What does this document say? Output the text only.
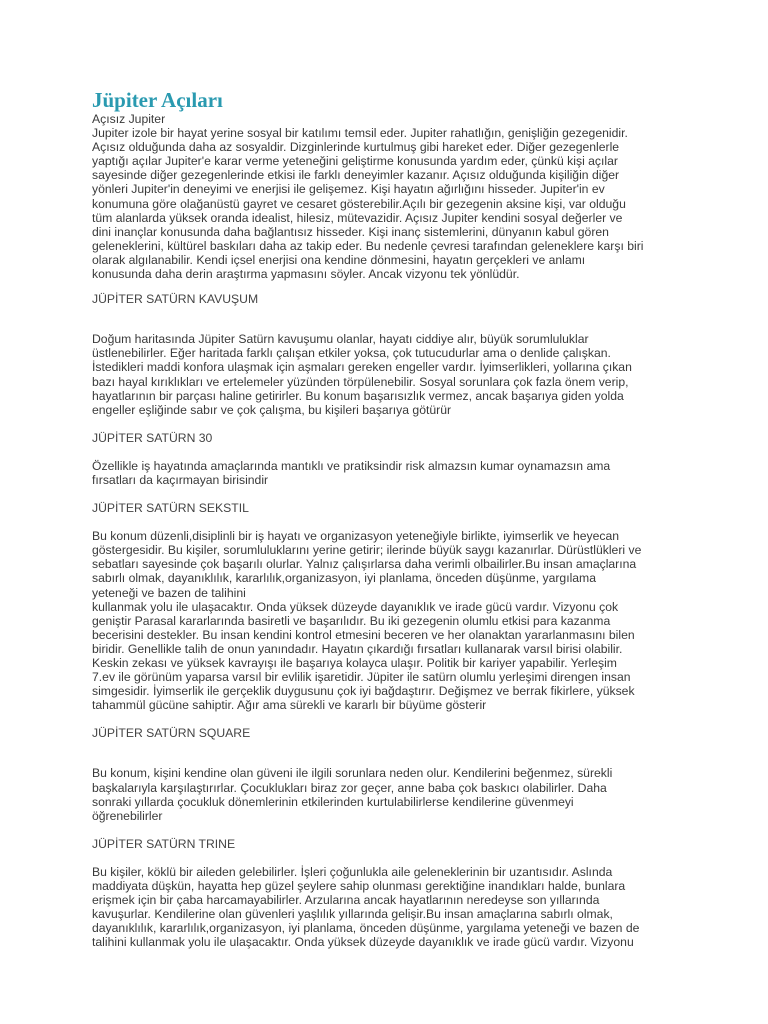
Jüpiter Açıları
Açısız Jupiter
Jupiter izole bir hayat yerine sosyal bir katılımı temsil eder. Jupiter rahatlığın, genişliğin gezegenidir.
Açısız olduğunda daha az sosyaldir. Dizginlerinde kurtulmuş gibi hareket eder. Diğer gezegenlerle
yaptığı açılar Jupiter'e karar verme yeteneğini geliştirme konusunda yardım eder, çünkü kişi açılar
sayesinde diğer gezegenlerinde etkisi ile farklı deneyimler kazanır. Açısız olduğunda kişiliğin diğer
yönleri Jupiter'in deneyimi ve enerjisi ile gelişemez. Kişi hayatın ağırlığını hisseder. Jupiter'in ev
konumuna göre olağanüstü gayret ve cesaret gösterebilir.Açılı bir gezegenin aksine kişi, var olduğu
tüm alanlarda yüksek oranda idealist, hilesiz, mütevazidir. Açısız Jupiter kendini sosyal değerler ve
dini inançlar konusunda daha bağlantısız hisseder. Kişi inanç sistemlerini, dünyanın kabul gören
geleneklerini, kültürel baskıları daha az takip eder. Bu nedenle çevresi tarafından geleneklere karşı biri
olarak algılanabilir. Kendi içsel enerjisi ona kendine dönmesini, hayatın gerçekleri ve anlamı
konusunda daha derin araştırma yapmasını söyler. Ancak vizyonu tek yönlüdür.
JÜPİTER SATÜRN KAVUŞUM
Doğum haritasında Jüpiter Satürn kavuşumu olanlar, hayatı ciddiye alır, büyük sorumluluklar
üstlenebilirler. Eğer haritada farklı çalışan etkiler yoksa, çok tutucudurlar ama o denlide çalışkan.
İstedikleri maddi konfora ulaşmak için aşmaları gereken engeller vardır. İyimserlikleri, yollarına çıkan
bazı hayal kırıklıkları ve ertelemeler yüzünden törpülenebilir. Sosyal sorunlara çok fazla önem verip,
hayatlarının bir parçası haline getirirler. Bu konum başarısızlık vermez, ancak başarıya giden yolda
engeller eşliğinde sabır ve çok çalışma, bu kişileri başarıya götürür
JÜPİTER SATÜRN 30
Özellikle iş hayatında amaçlarında mantıklı ve pratiksindir risk almazsın kumar oynamazsın ama
fırsatları da kaçırmayan birisindir
JÜPİTER SATÜRN SEKSTIL
Bu konum düzenli,disiplinli bir iş hayatı ve organizasyon yeteneğiyle birlikte, iyimserlik ve heyecan
göstergesidir. Bu kişiler, sorumluluklarını yerine getirir; ilerinde büyük saygı kazanırlar. Dürüstlükleri ve
sebatları sayesinde çok başarılı olurlar. Yalnız çalışırlarsa daha verimli olbailirler.Bu insan amaçlarına
sabırlı olmak, dayanıklılık, kararlılık,organizasyon, iyi planlama, önceden düşünme, yargılama
yeteneği ve bazen de talihini
kullanmak yolu ile ulaşacaktır. Onda yüksek düzeyde dayanıklık ve irade gücü vardır. Vizyonu çok
geniştir Parasal kararlarında basiretli ve başarılıdır. Bu iki gezegenin olumlu etkisi para kazanma
becerisini destekler. Bu insan kendini kontrol etmesini beceren ve her olanaktan yararlanmasını bilen
biridir. Genellikle talih de onun yanındadır. Hayatın çıkardığı fırsatları kullanarak varsıl birisi olabilir.
Keskin zekası ve yüksek kavrayışı ile başarıya kolayca ulaşır. Politik bir kariyer yapabilir. Yerleşim
7.ev ile görünüm yaparsa varsıl bir evlilik işaretidir. Jüpiter ile satürn olumlu yerleşimi direngen insan
simgesidir. İyimserlik ile gerçeklik duygusunu çok iyi bağdaştırır. Değişmez ve berrak fikirlere, yüksek
tahammül gücüne sahiptir. Ağır ama sürekli ve kararlı bir büyüme gösterir
JÜPİTER SATÜRN SQUARE
Bu konum, kişini kendine olan güveni ile ilgili sorunlara neden olur. Kendilerini beğenmez, sürekli
başkalarıyla karşılaştırırlar. Çocuklukları biraz zor geçer, anne baba çok baskıcı olabilirler. Daha
sonraki yıllarda çocukluk dönemlerinin etkilerinden kurtulabilirlerse kendilerine güvenmeyi
öğrenebilirler
JÜPİTER SATÜRN TRINE
Bu kişiler, köklü bir aileden gelebilirler. İşleri çoğunlukla aile geleneklerinin bir uzantısıdır. Aslında
maddiyata düşkün, hayatta hep güzel şeylere sahip olunması gerektiğine inandıkları halde, bunlara
erişmek için bir çaba harcamayabilirler. Arzularına ancak hayatlarının neredeyse son yıllarında
kavuşurlar. Kendilerine olan güvenleri yaşlılık yıllarında gelişir.Bu insan amaçlarına sabırlı olmak,
dayanıklılık, kararlılık,organizasyon, iyi planlama, önceden düşünme, yargılama yeteneği ve bazen de
talihini kullanmak yolu ile ulaşacaktır. Onda yüksek düzeyde dayanıklık ve irade gücü vardır. Vizyonu
